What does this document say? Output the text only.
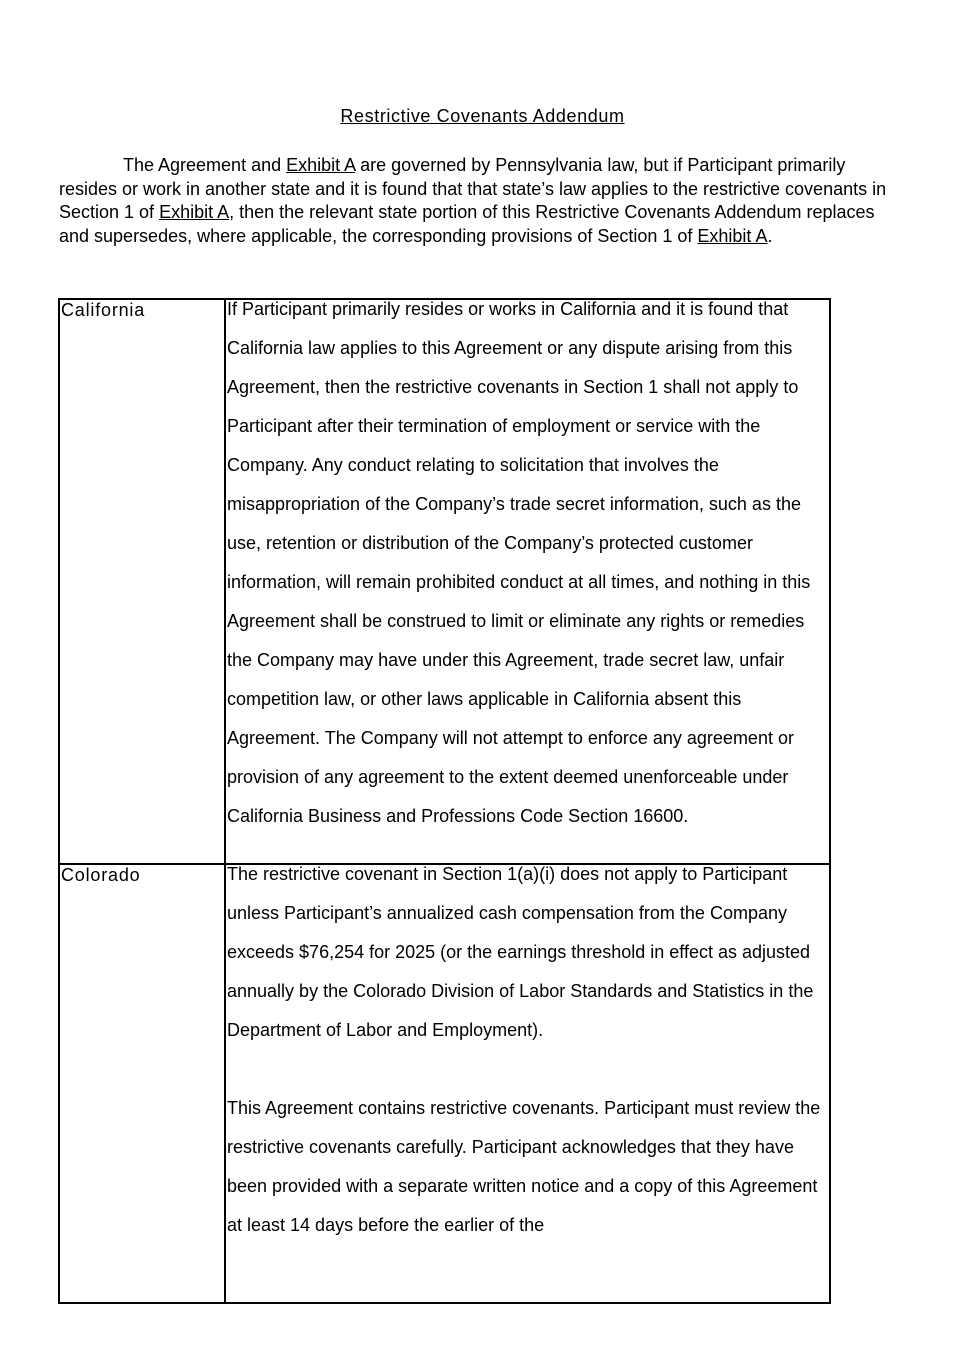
Restrictive Covenants Addendum

The Agreement and Exhibit A are governed by Pennsylvania law, but if Participant primarily resides or work in another state and it is found that that state’s law applies to the restrictive covenants in Section 1 of Exhibit A, then the relevant state portion of this Restrictive Covenants Addendum replaces and supersedes, where applicable, the corresponding provisions of Section 1 of Exhibit A.

California	If Participant primarily resides or works in California and it is found that California law applies to this Agreement or any dispute arising from this Agreement, then the restrictive covenants in Section 1 shall not apply to Participant after their termination of employment or service with the Company. Any conduct relating to solicitation that involves the misappropriation of the Company’s trade secret information, such as the use, retention or distribution of the Company’s protected customer information, will remain prohibited conduct at all times, and nothing in this Agreement shall be construed to limit or eliminate any rights or remedies the Company may have under this Agreement, trade secret law, unfair competition law, or other laws applicable in California absent this Agreement. The Company will not attempt to enforce any agreement or provision of any agreement to the extent deemed unenforceable under California Business and Professions Code Section 16600.

Colorado	The restrictive covenant in Section 1(a)(i) does not apply to Participant unless Participant’s annualized cash compensation from the Company exceeds $76,254 for 2025 (or the earnings threshold in effect as adjusted annually by the Colorado Division of Labor Standards and Statistics in the Department of Labor and Employment).
This Agreement contains restrictive covenants. Participant must review the restrictive covenants carefully. Participant acknowledges that they have been provided with a separate written notice and a copy of this Agreement at least 14 days before the earlier of the
